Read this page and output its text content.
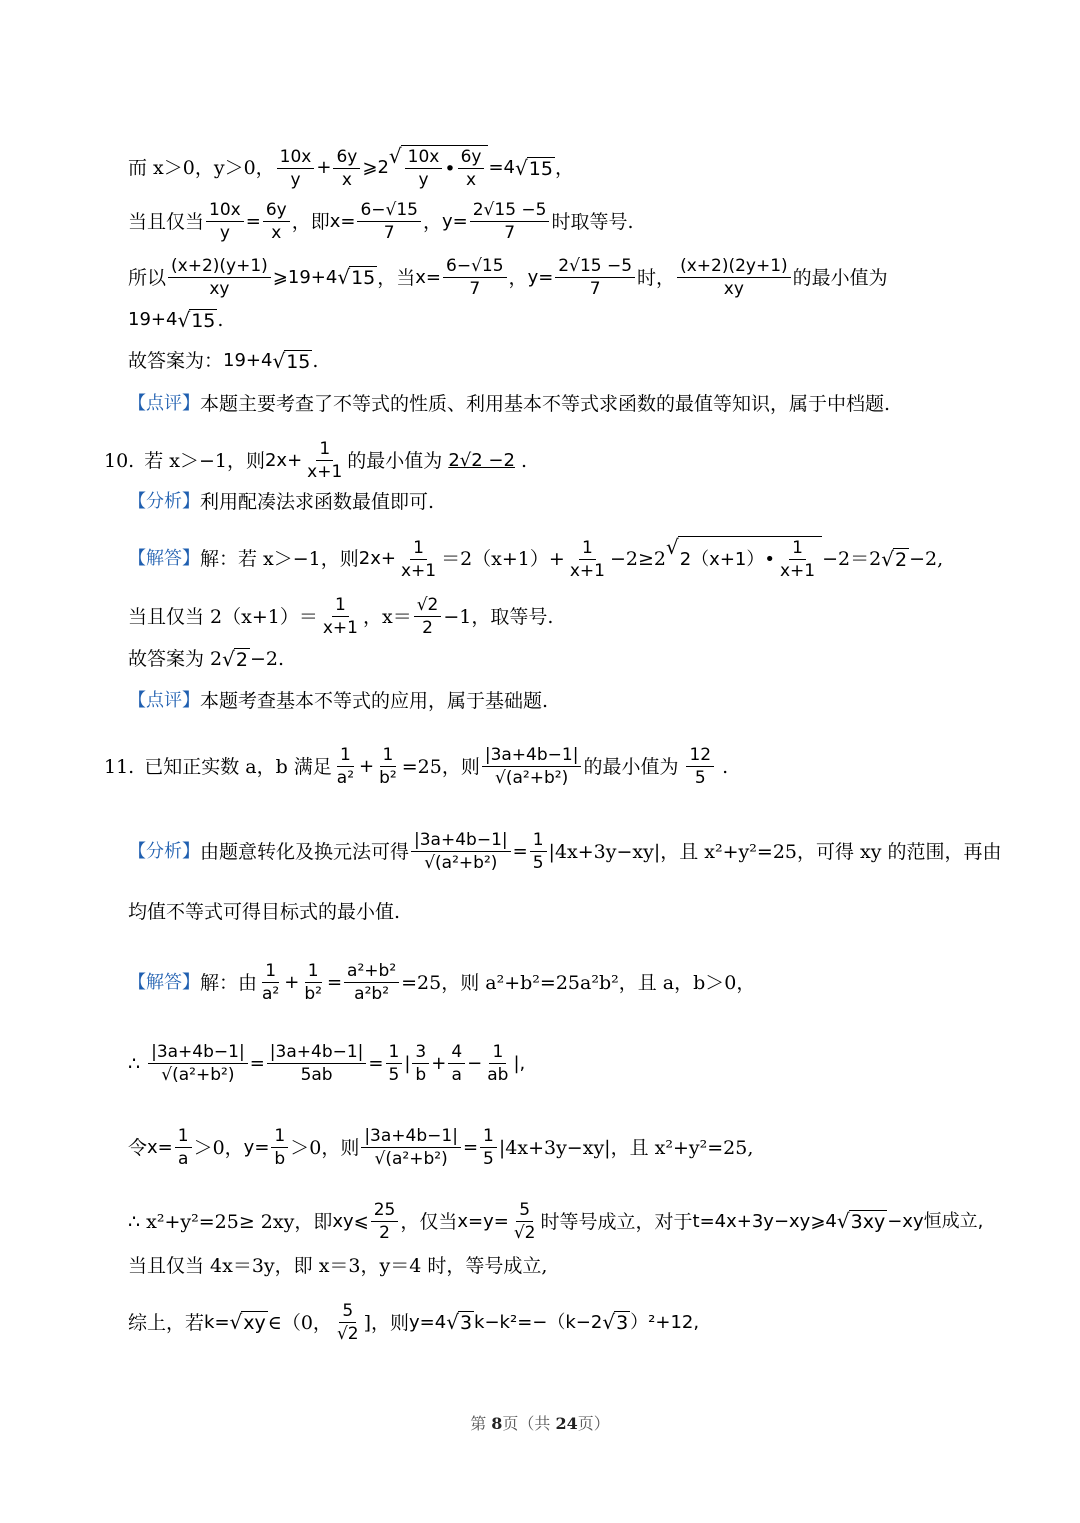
而 x＞0，y＞0， $\frac{10x}{y} + \frac{6y}{x}$ ⩾2 √ $\frac{10x}{y}$ • $\frac{6y}{x} =4$ √ 15 ，
当且仅当 $\frac{10x}{y} = \frac{6y}{x}$ ，即 $x= \frac{6-√15}{7}$ ， $y= \frac{2√15 -5}{7}$ 时取等号.
所以 $\frac{(x+2)(y+1)}{xy}$ ⩾19+4 √ 15 ，当 $x= \frac{6-√15}{7}$ ， $y= \frac{2√15 -5}{7}$ 时， $\frac{(x+2)(2y+1)}{xy}$ 的最小值为
19+4 √ 15 .
故答案为： 19+4 √ 15 .
【点评】 本题主要考查了不等式的性质、利用基本不等式求函数的最值等知识，属于中档题.
10. 若 x＞−1，则 $2x+ \frac{1}{x+1}$ 的最小值为 2√2 −2 .
【分析】 利用配凑法求函数最值即可.
【解答】 解：若 x＞−1，则 $2x+ \frac{1}{x+1} =2(x+1)+ \frac{1}{x+1} -2\ge 2$ √ 2（x+1）• $\frac{1}{x+1} -2=2$ √ 2 −2,
当且仅当 $2(x+1)= \frac{1}{x+1}$ ，$x= \frac{√2}{2} -1$，取等号.
故答案为 2 √ 2 −2.
【点评】 本题考查基本不等式的应用，属于基础题.
11. 已知正实数 a，b 满足 $\frac{1}{\text{a²}} + \frac{1}{\text{b²}} =25$，则 $\frac{|3a+4b-1|}{\text{√(a²+b²)}}$ 的最小值为 $\frac{12}{5}$ .
【分析】 由题意转化及换元法可得 $\frac{|3a+4b-1|}{\text{√(a²+b²)}} = \frac{1}{5} |4x+3y-xy|$，且 x²+y²=25，可得 xy 的范围，再由
均值不等式可得目标式的最小值.
【解答】 解：由 $\frac{1}{\text{a²}} + \frac{1}{\text{b²}} = \frac{\text{a²+b²}}{\text{a²b²}} =25$，则 a²+b²=25a²b²，且 a，b＞0，
∴ $\frac{|3a+4b-1|}{\text{√(a²+b²)}} = \frac{|3a+4b-1|}{5ab} = \frac{1}{5}$ | $\frac{3}{b} + \frac{4}{a} - \frac{1}{ab}$ |,
令 $x= \frac{1}{a} >0$， $y= \frac{1}{b} >0$，则 $\frac{|3a+4b-1|}{\text{√(a²+b²)}} = \frac{1}{5} |4x+3y-xy|$，且 x²+y²=25,
∴ x²+y²=25≥ 2xy，即 xy⩽ $\frac{25}{2}$ ，仅当 $x=y= \frac{5}{√2}$ 时等号成立，对于 t=4x+3y−xy⩾4 √ 3xy −xy恒成立,
当且仅当 4x＝3y，即 x＝3，y＝4 时，等号成立,
综上，若 k= √ xy ∈（0， $\frac{5}{√2}$ ]，则 y=4 √ 3 k−k²=−（k−2 √ 3 ）²+12,
第 8页（共 24页）
